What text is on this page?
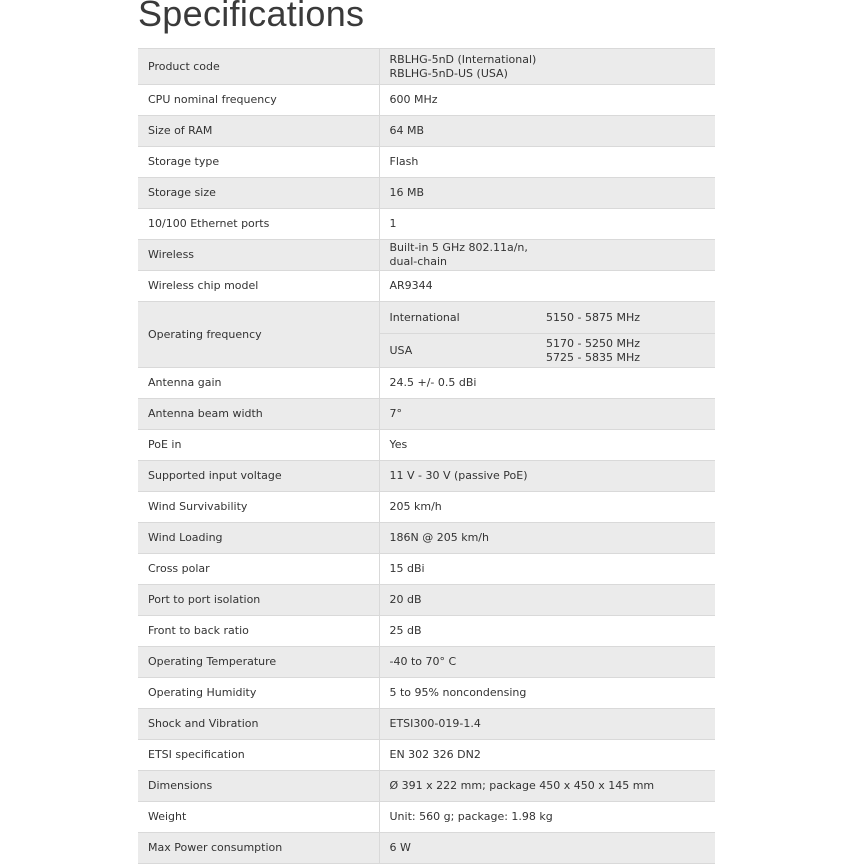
Specifications
Product code	RBLHG-5nD (International)
RBLHG-5nD-US (USA)	

CPU nominal frequency	600 MHz	

Size of RAM	64 MB	

Storage type	Flash	

Storage size	16 MB	

10/100 Ethernet ports	1	

Wireless	Built-in 5 GHz 802.11a/n,
dual-chain	

Wireless chip model	AR9344	

Operating frequency	International	5150 - 5875 MHz

	USA	5170 - 5250 MHz
5725 - 5835 MHz

Antenna gain	24.5 +/- 0.5 dBi	

Antenna beam width	7°	

PoE in	Yes	

Supported input voltage	11 V - 30 V (passive PoE)	

Wind Survivability	205 km/h	

Wind Loading	186N @ 205 km/h	

Cross polar	15 dBi	

Port to port isolation	20 dB	

Front to back ratio	25 dB	

Operating Temperature	-40 to 70° C	

Operating Humidity	5 to 95% noncondensing	

Shock and Vibration	ETSI300-019-1.4	

ETSI specification	EN 302 326 DN2	

Dimensions	Ø 391 x 222 mm; package 450 x 450 x 145 mm	

Weight	Unit: 560 g; package: 1.98 kg	

Max Power consumption	6 W	
